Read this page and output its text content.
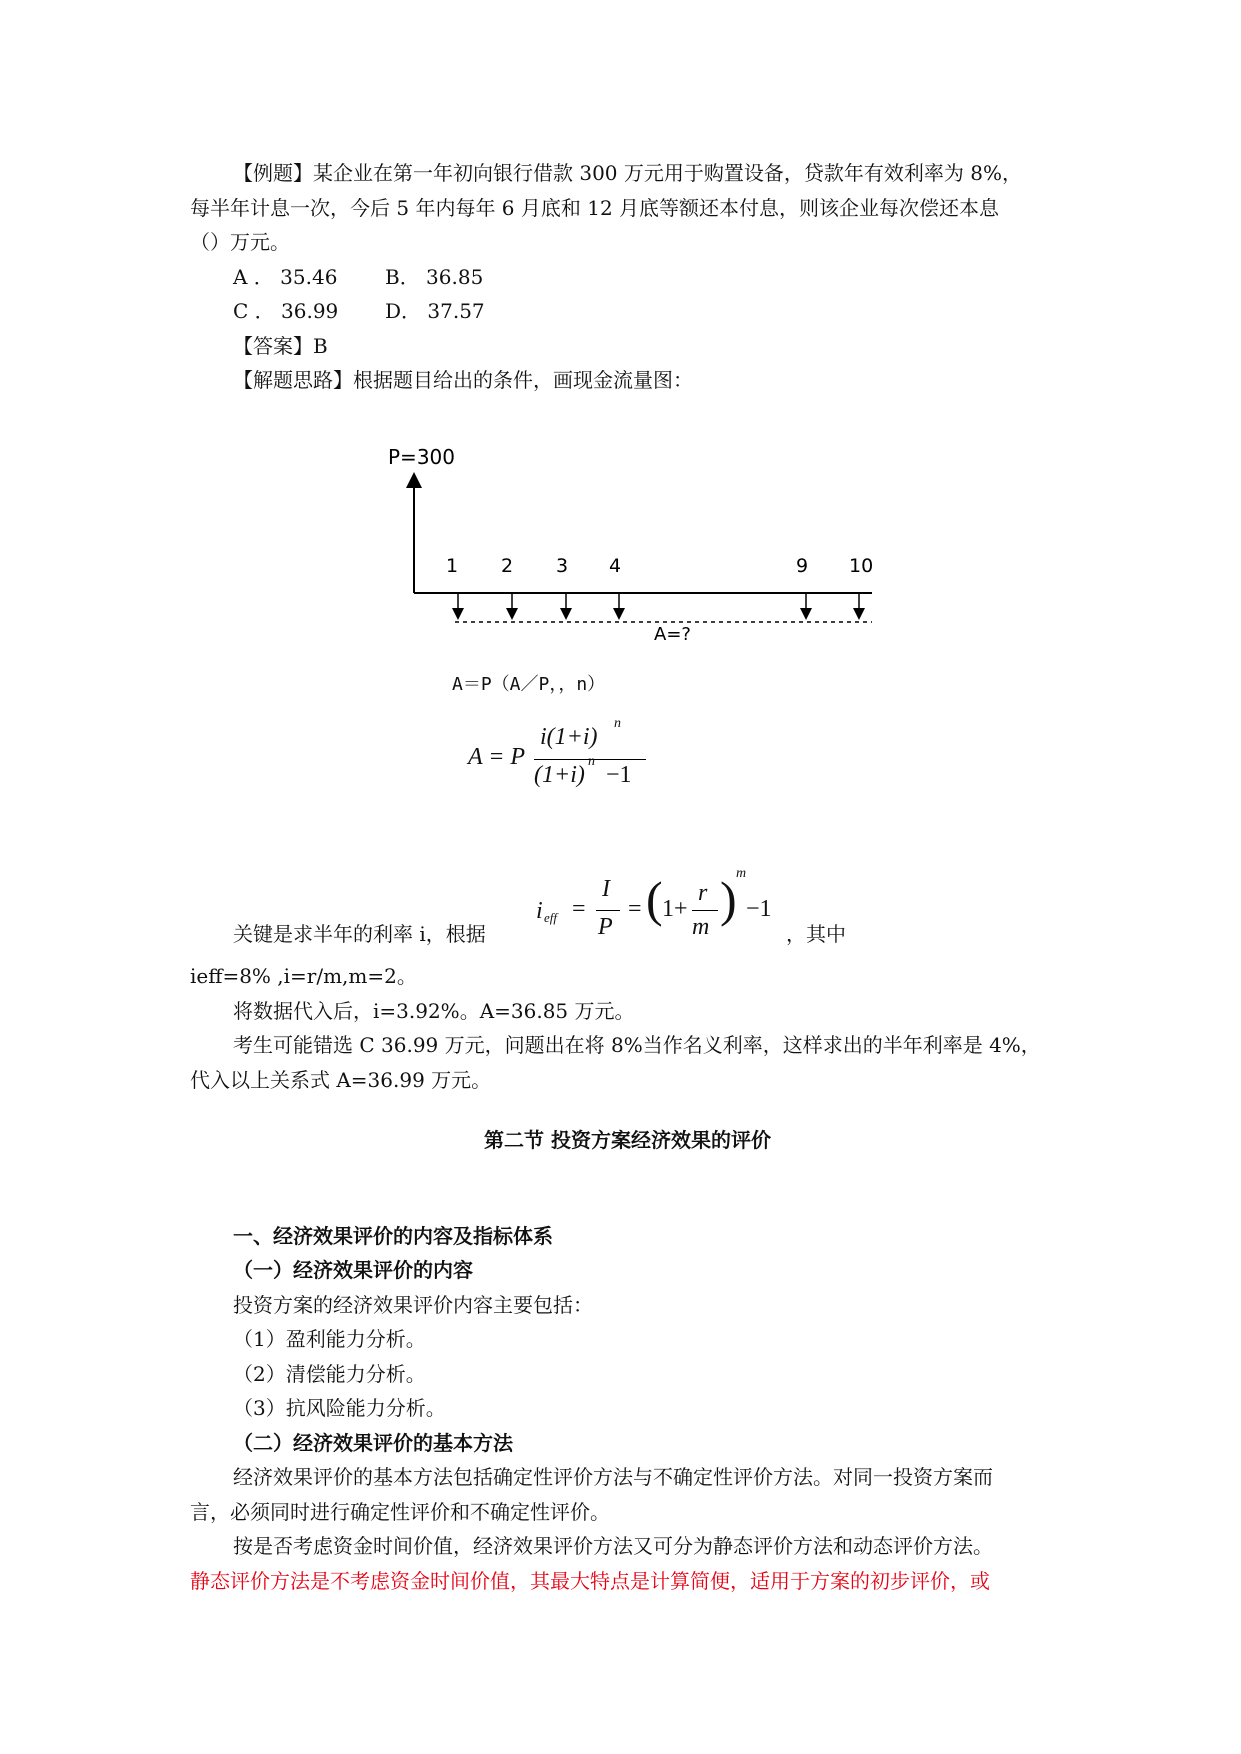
【例题】某企业在第一年初向银行借款 300 万元用于购置设备，贷款年有效利率为 8%，
每半年计息一次，今后 5 年内每年 6 月底和 12 月底等额还本付息，则该企业每次偿还本息
（）万元。
A ． 35.46 B． 36.85
C ． 36.99 D． 37.57
【答案】B
【解题思路】根据题目给出的条件，画现金流量图：
P=300
1 2 3 4	9 10
A=?
A＝P（A／P，，n）
A = P
i(1+i)
n
(1+i)
n
−1
关键是求半年的利率 i，根据
i eff =
I
P
= ( 1+
r
m ) m
−1
，其中
ieff=8% ,i=r/m,m=2。
将数据代入后，i=3.92%。A=36.85 万元。
考生可能错选 C 36.99 万元，问题出在将 8%当作名义利率，这样求出的半年利率是 4%，
代入以上关系式 A=36.99 万元。
第二节 投资方案经济效果的评价
一、经济效果评价的内容及指标体系
（一）经济效果评价的内容
投资方案的经济效果评价内容主要包括：
（1）盈利能力分析。
（2）清偿能力分析。
（3）抗风险能力分析。
（二）经济效果评价的基本方法
经济效果评价的基本方法包括确定性评价方法与不确定性评价方法。对同一投资方案而
言，必须同时进行确定性评价和不确定性评价。
按是否考虑资金时间价值，经济效果评价方法又可分为静态评价方法和动态评价方法。
静态评价方法是不考虑资金时间价值，其最大特点是计算简便，适用于方案的初步评价，或
